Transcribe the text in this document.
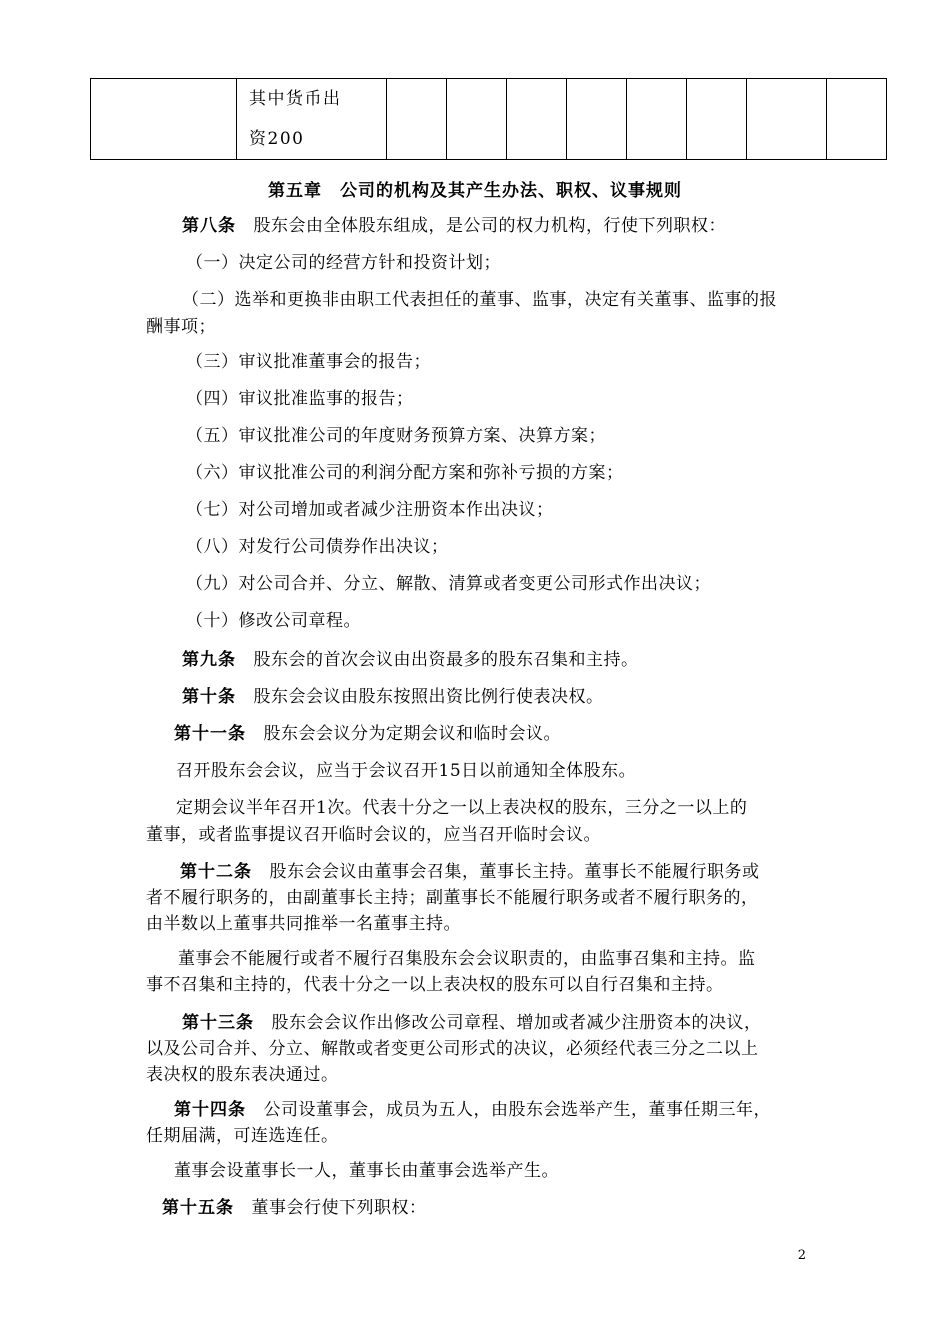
其中货币出
资200

第五章　公司的机构及其产生办法、职权、议事规则
第八条　 股东会由全体股东组成，是公司的权力机构，行使下列职权：
（一）决定公司的经营方针和投资计划；
（二）选举和更换非由职工代表担任的董事、监事，决定有关董事、监事的报
酬事项；
（三）审议批准董事会的报告；
（四）审议批准监事的报告；
（五）审议批准公司的年度财务预算方案、决算方案；
（六）审议批准公司的利润分配方案和弥补亏损的方案；
（七）对公司增加或者减少注册资本作出决议；
（八）对发行公司债券作出决议；
（九）对公司合并、分立、解散、清算或者变更公司形式作出决议；
（十）修改公司章程。
第九条　 股东会的首次会议由出资最多的股东召集和主持。
第十条　 股东会会议由股东按照出资比例行使表决权。
第十一条　 股东会会议分为定期会议和临时会议。
召开股东会会议，应当于会议召开15日以前通知全体股东。
定期会议半年召开1次。代表十分之一以上表决权的股东，三分之一以上的
董事，或者监事提议召开临时会议的，应当召开临时会议。
第十二条　 股东会会议由董事会召集，董事长主持。董事长不能履行职务或
者不履行职务的，由副董事长主持；副董事长不能履行职务或者不履行职务的，
由半数以上董事共同推举一名董事主持。
董事会不能履行或者不履行召集股东会会议职责的，由监事召集和主持。监
事不召集和主持的，代表十分之一以上表决权的股东可以自行召集和主持。
第十三条　 股东会会议作出修改公司章程、增加或者减少注册资本的决议，
以及公司合并、分立、解散或者变更公司形式的决议，必须经代表三分之二以上
表决权的股东表决通过。
第十四条　 公司设董事会，成员为五人，由股东会选举产生，董事任期三年，
任期届满，可连选连任。
董事会设董事长一人，董事长由董事会选举产生。
第十五条　 董事会行使下列职权：
2
